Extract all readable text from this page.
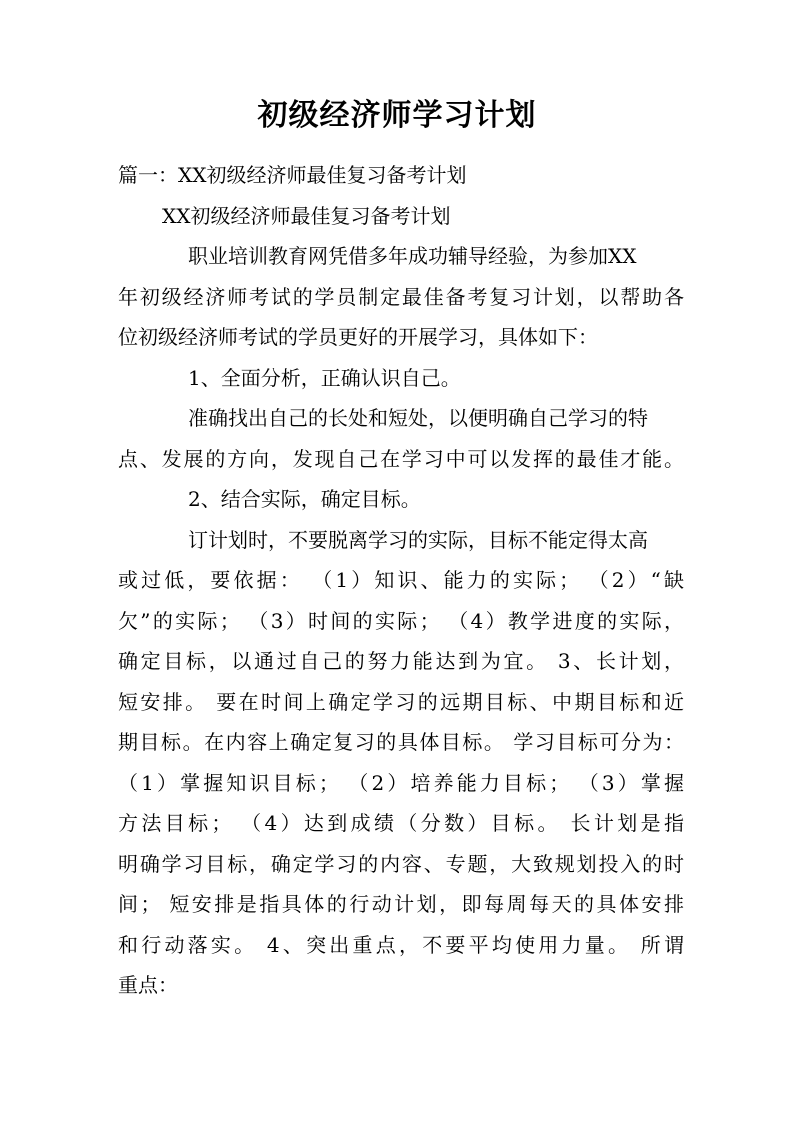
初级经济师学习计划
篇一：XX初级经济师最佳复习备考计划
XX初级经济师最佳复习备考计划
职业培训教育网凭借多年成功辅导经验，为参加XX
年初级经济师考试的学员制定最佳备考复习计划，以帮助各
位初级经济师考试的学员更好的开展学习，具体如下：
1、全面分析，正确认识自己。
准确找出自己的长处和短处，以便明确自己学习的特
点、发展的方向，发现自己在学习中可以发挥的最佳才能。
2、结合实际，确定目标。
订计划时，不要脱离学习的实际，目标不能定得太高
或过低，要依据： （1）知识、能力的实际； （2）“缺
欠”的实际； （3）时间的实际； （4）教学进度的实际，
确定目标，以通过自己的努力能达到为宜。 3、长计划，
短安排。 要在时间上确定学习的远期目标、中期目标和近
期目标。在内容上确定复习的具体目标。 学习目标可分为：
（1）掌握知识目标； （2）培养能力目标； （3）掌握
方法目标； （4）达到成绩（分数）目标。 长计划是指
明确学习目标，确定学习的内容、专题，大致规划投入的时
间； 短安排是指具体的行动计划，即每周每天的具体安排
和行动落实。 4、突出重点，不要平均使用力量。 所谓
重点：
